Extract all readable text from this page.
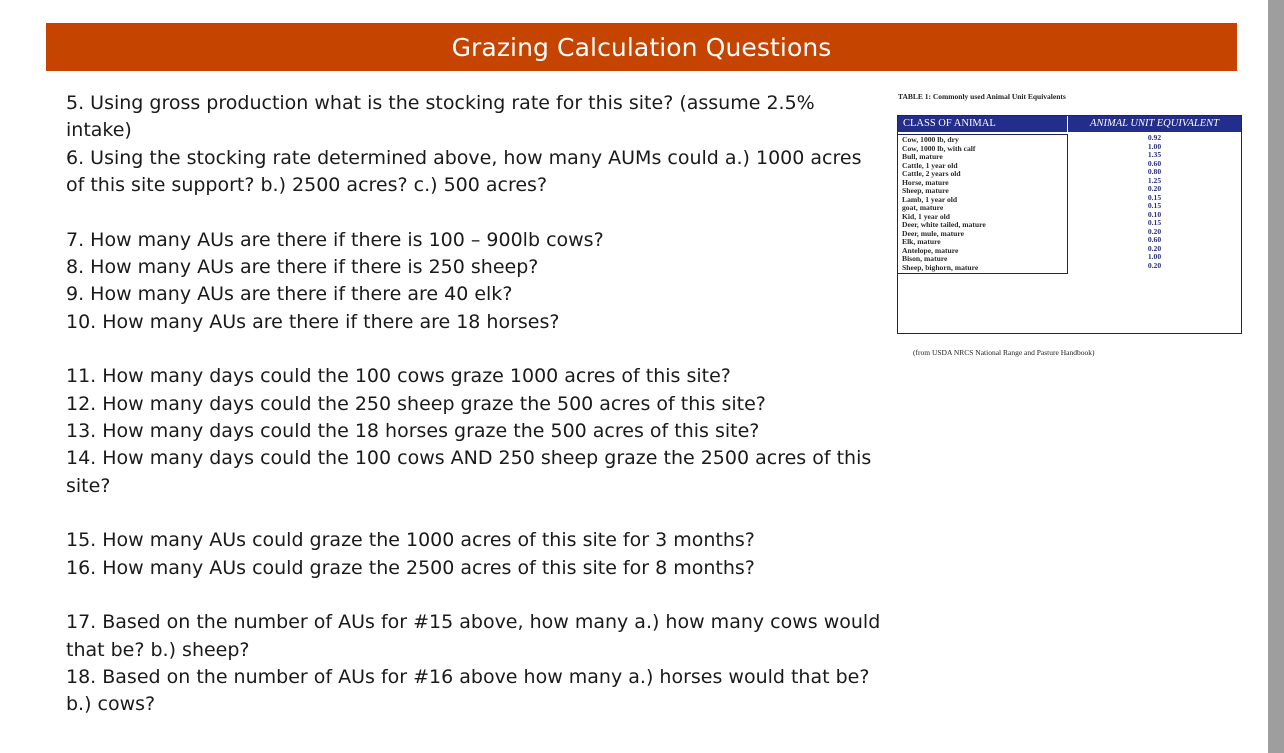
Grazing Calculation Questions

5. Using gross production what is the stocking rate for this site? (assume 2.5% intake)

6. Using the stocking rate determined above, how many AUMs could a.) 1000 acres of this site support? b.) 2500 acres? c.) 500 acres?

7. How many AUs are there if there is 100 – 900lb cows?

8. How many AUs are there if there is 250 sheep?

9. How many AUs are there if there are 40 elk?

10. How many AUs are there if there are 18 horses?

11. How many days could the 100 cows graze 1000 acres of this site?

12. How many days could the 250 sheep graze the 500 acres of this site?

13. How many days could the 18 horses graze the 500 acres of this site?

14. How many days could the 100 cows AND 250 sheep graze the 2500 acres of this site?

15. How many AUs could graze the 1000 acres of this site for 3 months?

16. How many AUs could graze the 2500 acres of this site for 8 months?

17. Based on the number of AUs for #15 above, how many a.) how many cows would that be? b.) sheep?

18. Based on the number of AUs for #16 above how many a.) horses would that be? b.) cows?

TABLE 1: Commonly used Animal Unit Equivalents
CLASS OF ANIMAL	ANIMAL UNIT EQUIVALENT
Cow, 1000 lb, dry
Cow, 1000 lb, with calf
Bull, mature
Cattle, 1 year old
Cattle, 2 years old
Horse, mature
Sheep, mature
Lamb, 1 year old
goat, mature
Kid, 1 year old
Deer, white tailed, mature
Deer, mule, mature
Elk, mature
Antelope, mature
Bison, mature
Sheep, bighorn, mature
0.92
1.00
1.35
0.60
0.80
1.25
0.20
0.15
0.15
0.10
0.15
0.20
0.60
0.20
1.00
0.20
(from USDA NRCS National Range and Pasture Handbook)
